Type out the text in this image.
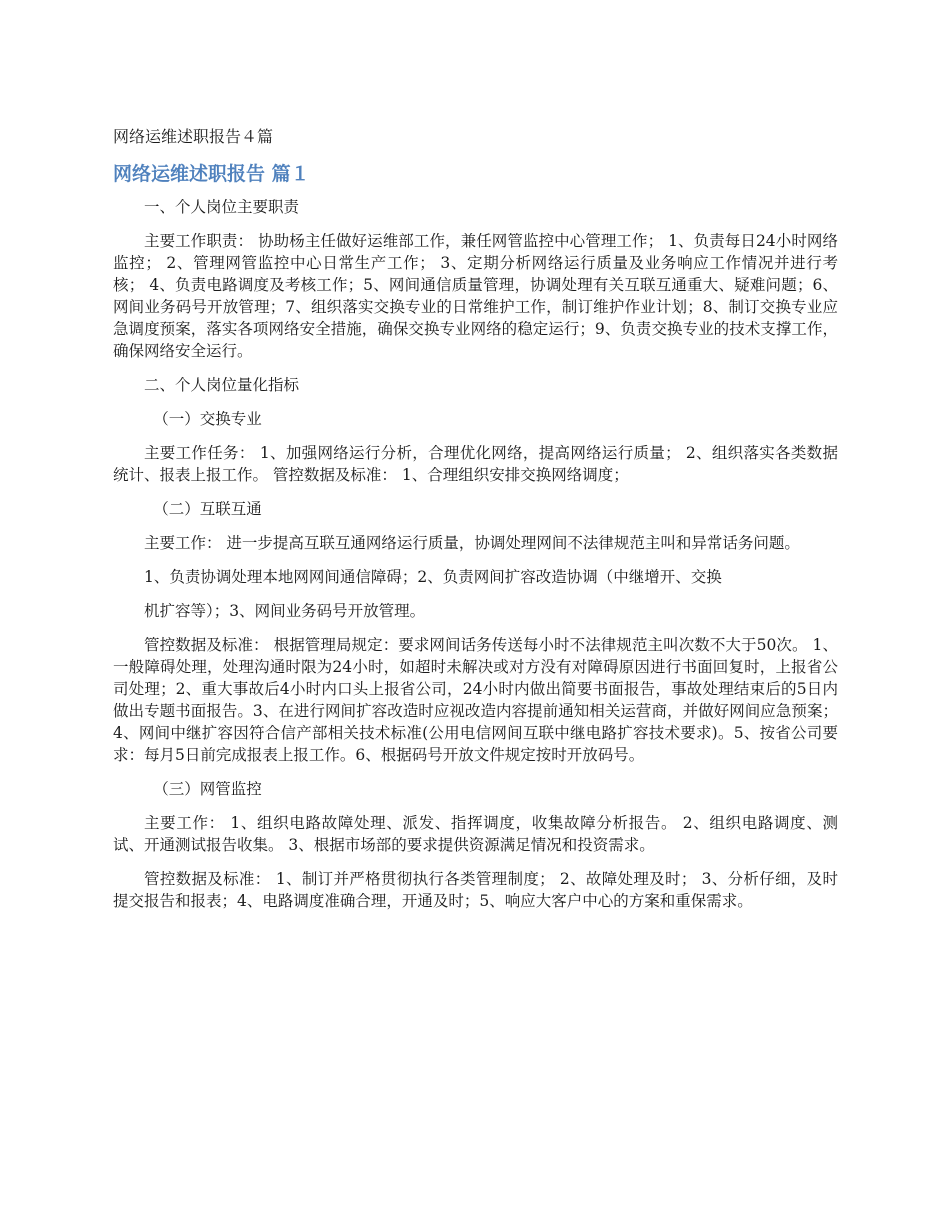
网络运维述职报告４篇
网络运维述职报告 篇１
一、个人岗位主要职责
主要工作职责： 协助杨主任做好运维部工作，兼任网管监控中心管理工作； 1、负责每日24小时网络监控； 2、管理网管监控中心日常生产工作； 3、定期分析网络运行质量及业务响应工作情况并进行考核； 4、负责电路调度及考核工作；5、网间通信质量管理，协调处理有关互联互通重大、疑难问题；6、网间业务码号开放管理；7、组织落实交换专业的日常维护工作，制订维护作业计划；8、制订交换专业应急调度预案，落实各项网络安全措施，确保交换专业网络的稳定运行；9、负责交换专业的技术支撑工作，确保网络安全运行。
二、个人岗位量化指标
（一）交换专业
主要工作任务： 1、加强网络运行分析，合理优化网络，提高网络运行质量； 2、组织落实各类数据统计、报表上报工作。 管控数据及标准： 1、合理组织安排交换网络调度；
（二）互联互通
主要工作： 进一步提高互联互通网络运行质量，协调处理网间不法律规范主叫和异常话务问题。
1、负责协调处理本地网网间通信障碍；2、负责网间扩容改造协调（中继增开、交换
机扩容等）；3、网间业务码号开放管理。
管控数据及标准： 根据管理局规定：要求网间话务传送每小时不法律规范主叫次数不大于50次。 1、一般障碍处理，处理沟通时限为24小时，如超时未解决或对方没有对障碍原因进行书面回复时，上报省公司处理；2、重大事故后4小时内口头上报省公司，24小时内做出简要书面报告，事故处理结束后的5日内做出专题书面报告。3、在进行网间扩容改造时应视改造内容提前通知相关运营商，并做好网间应急预案；4、网间中继扩容因符合信产部相关技术标准(公用电信网间互联中继电路扩容技术要求)。5、按省公司要求：每月5日前完成报表上报工作。6、根据码号开放文件规定按时开放码号。
（三）网管监控
主要工作： 1、组织电路故障处理、派发、指挥调度，收集故障分析报告。 2、组织电路调度、测试、开通测试报告收集。 3、根据市场部的要求提供资源满足情况和投资需求。
管控数据及标准： 1、制订并严格贯彻执行各类管理制度； 2、故障处理及时； 3、分析仔细，及时提交报告和报表；4、电路调度准确合理，开通及时；5、响应大客户中心的方案和重保需求。
